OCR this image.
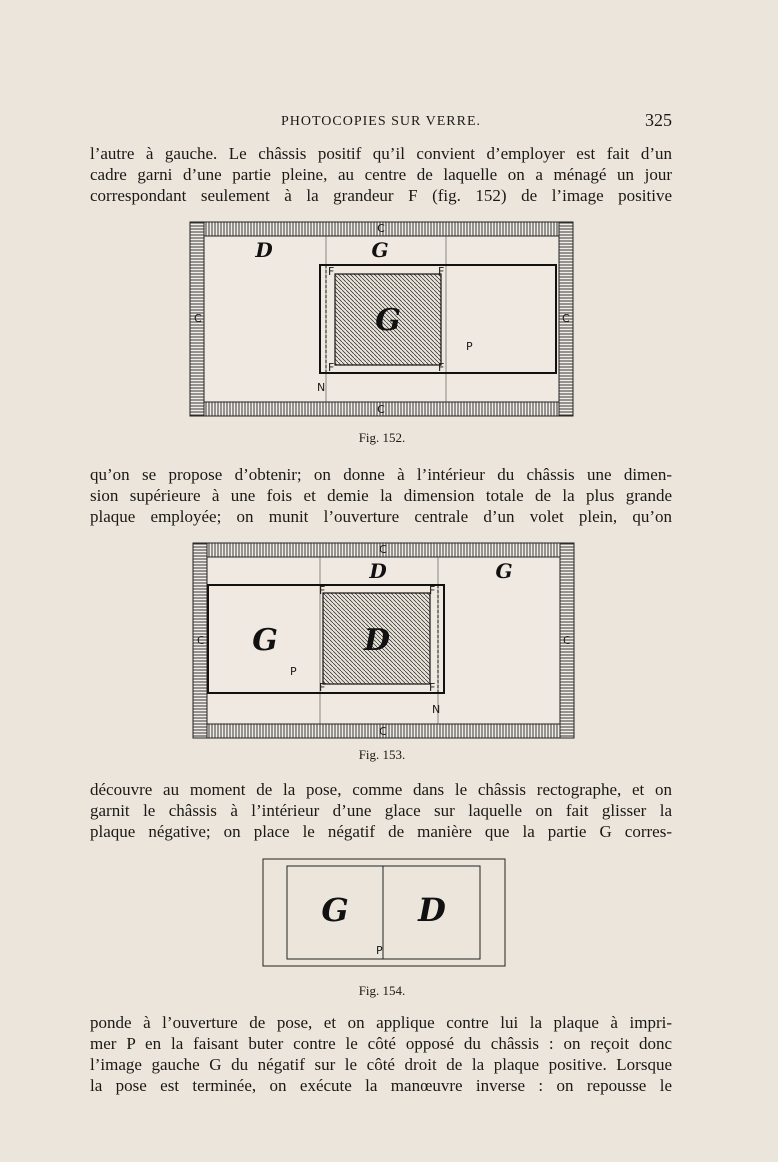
PHOTOCOPIES SUR VERRE.	325
l’autre à gauche. Le châssis positif qu’il convient d’employer est fait d’un
cadre garni d’une partie pleine, au centre de laquelle on a ménagé un jour
correspondant seulement à la grandeur F (fig. 152) de l’image positive
C
C
C	C
D	G
G
P
N
F	F
F	F
Fig. 152.
qu’on se propose d’obtenir; on donne à l’intérieur du châssis une dimen-
sion supérieure à une fois et demie la dimension totale de la plus grande
plaque employée; on munit l’ouverture centrale d’un volet plein, qu’on
C
C
C	C
D	G
G	D
P
N
F	F
F	F
Fig. 153.
découvre au moment de la pose, comme dans le châssis rectographe, et on
garnit le châssis à l’intérieur d’une glace sur laquelle on fait glisser la
plaque négative; on place le négatif de manière que la partie G corres-
G D
P
Fig. 154.
ponde à l’ouverture de pose, et on applique contre lui la plaque à impri-
mer P en la faisant buter contre le côté opposé du châssis : on reçoit donc
l’image gauche G du négatif sur le côté droit de la plaque positive. Lorsque
la pose est terminée, on exécute la manœuvre inverse : on repousse le
